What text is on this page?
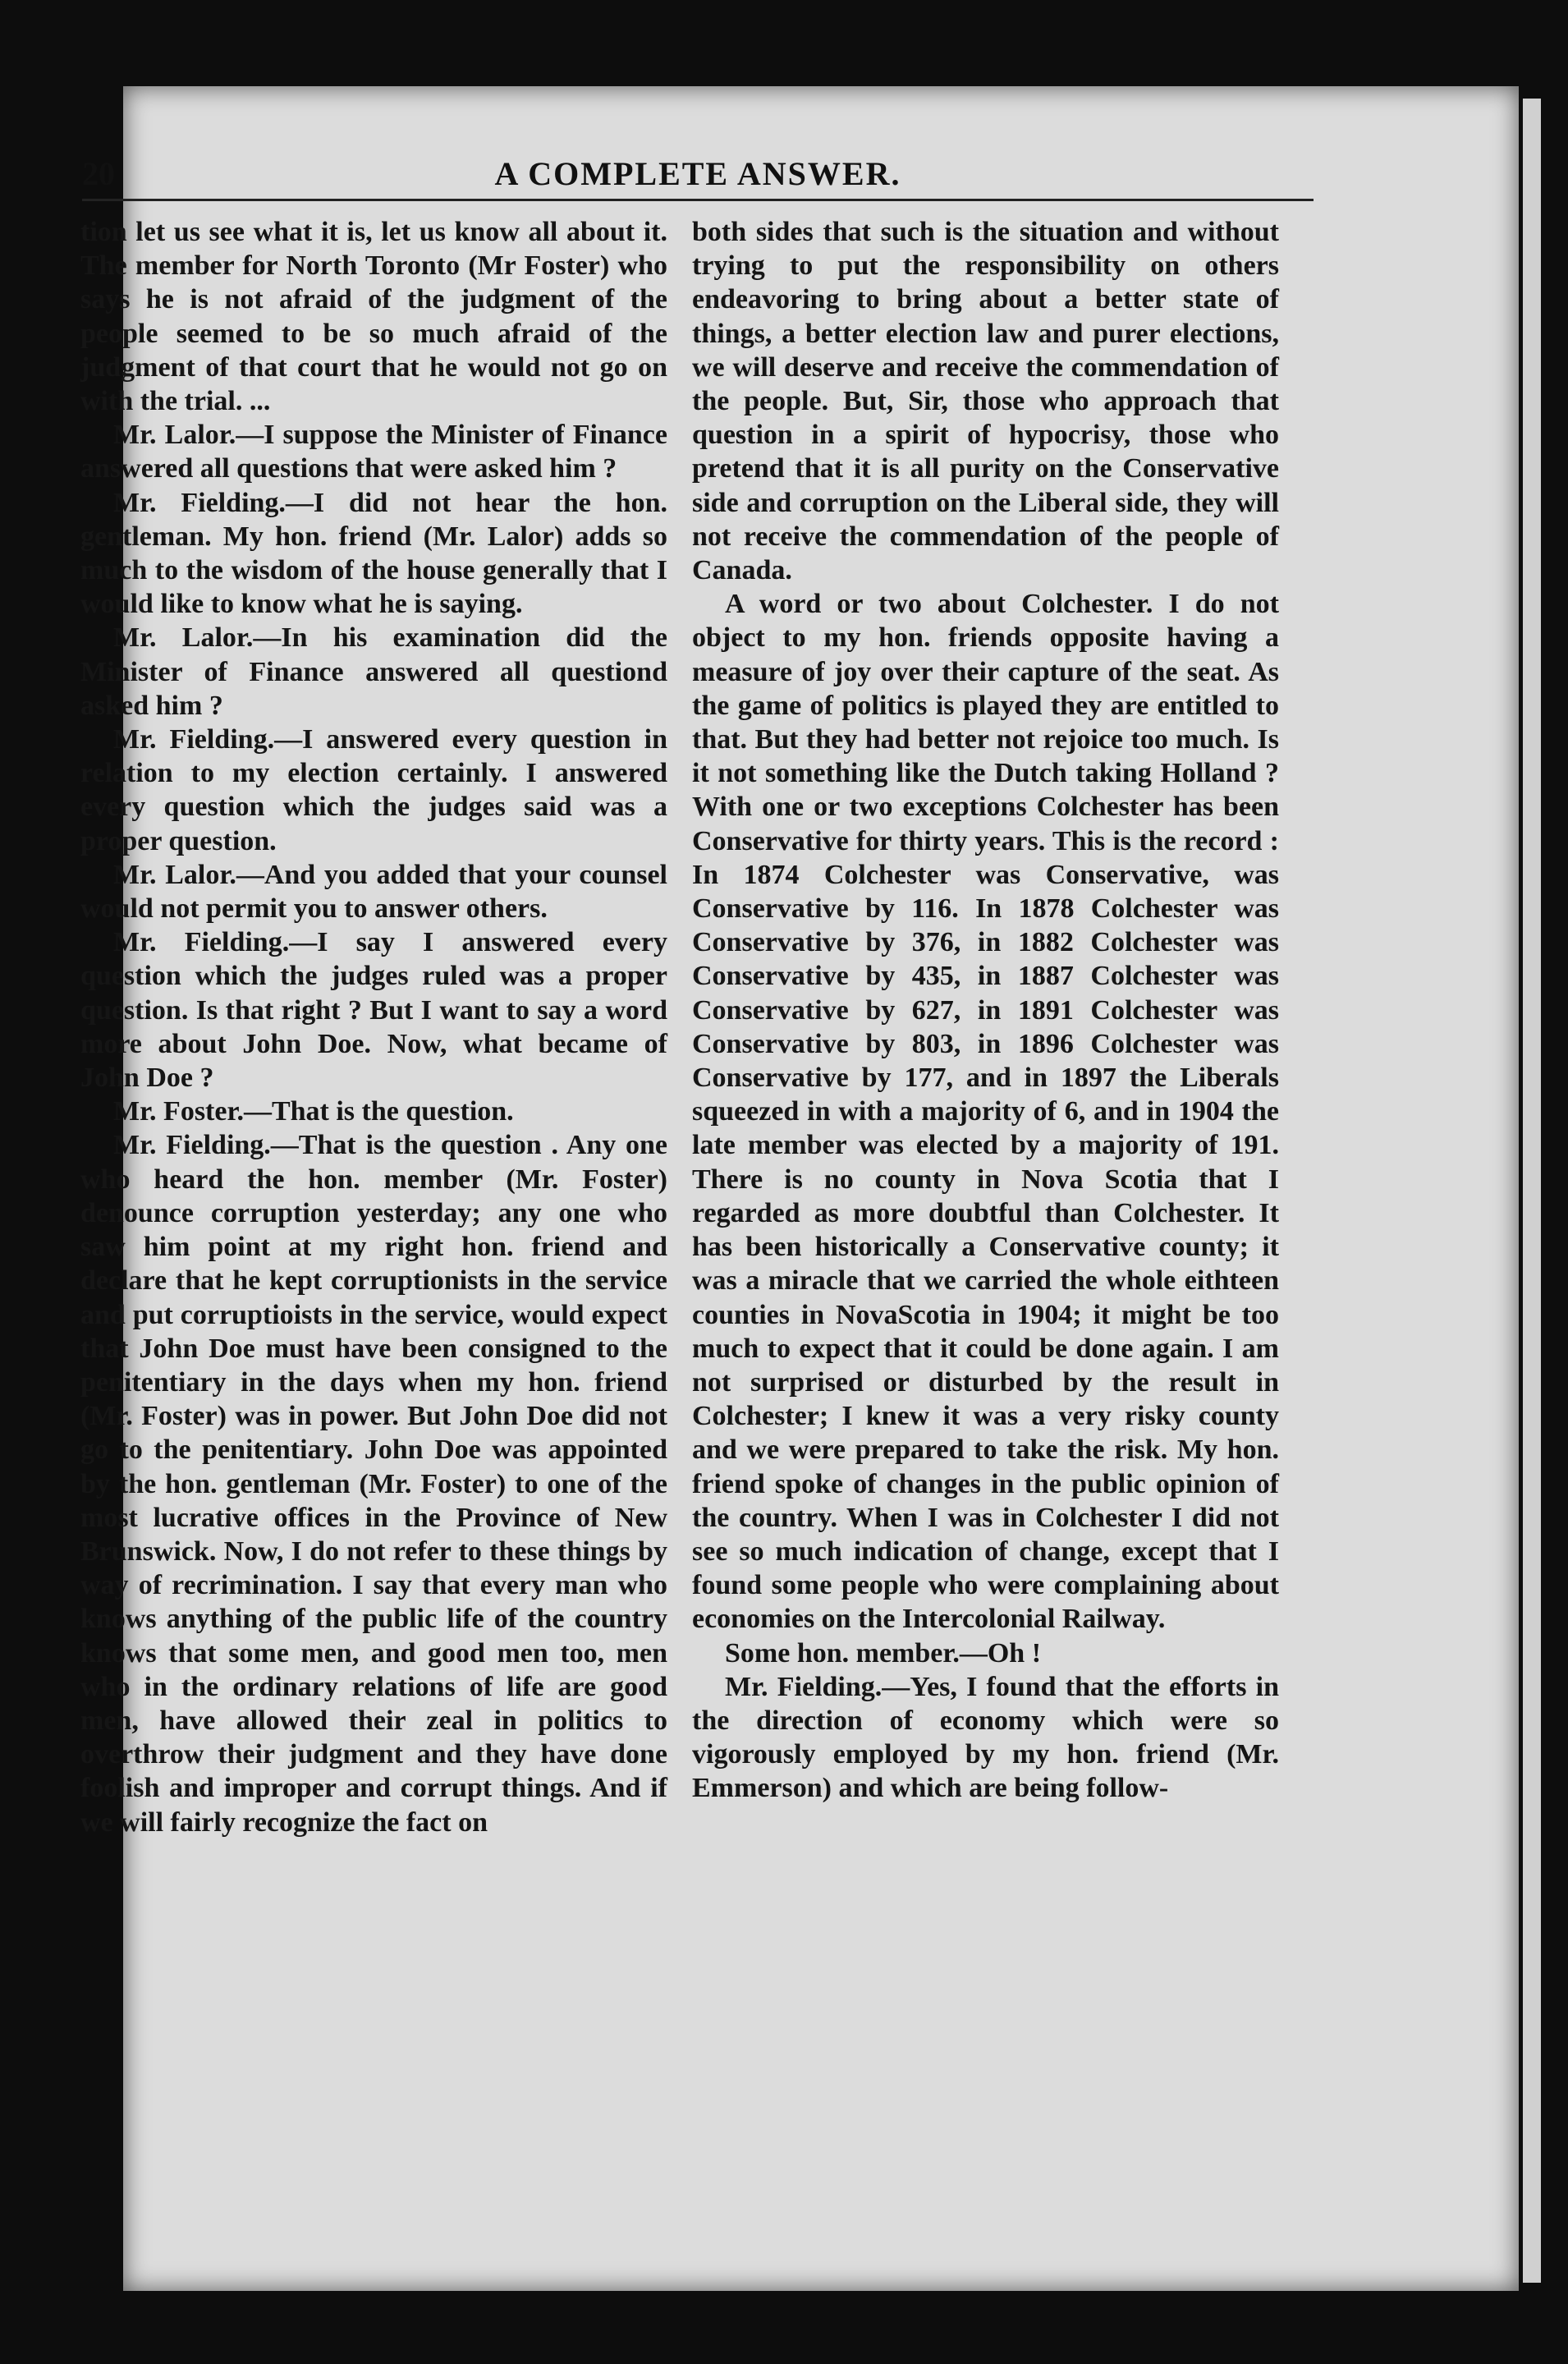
20	A COMPLETE ANSWER.

tion let us see what it is, let us know all about it. The member for North Toronto (Mr Foster) who says he is not afraid of the judgment of the people seemed to be so much afraid of the judgment of that court that he would not go on with the trial. ...

Mr. Lalor.—I suppose the Minister of Finance answered all questions that were asked him ?

Mr. Fielding.—I did not hear the hon. gentleman. My hon. friend (Mr. Lalor) adds so much to the wisdom of the house generally that I would like to know what he is saying.

Mr. Lalor.—In his examination did the Minister of Finance answered all questiond asked him ?

Mr. Fielding.—I answered every question in relation to my election certainly. I answered every question which the judges said was a proper question.

Mr. Lalor.—And you added that your counsel would not permit you to answer others.

Mr. Fielding.—I say I answered every question which the judges ruled was a proper question. Is that right ? But I want to say a word more about John Doe. Now, what became of John Doe ?

Mr. Foster.—That is the question.

Mr. Fielding.—That is the question . Any one who heard the hon. member (Mr. Foster) denounce corruption yesterday; any one who saw him point at my right hon. friend and declare that he kept corruptionists in the service and put corruptioists in the service, would expect that John Doe must have been consigned to the penitentiary in the days when my hon. friend (Mr. Foster) was in power. But John Doe did not go to the penitentiary. John Doe was appointed by the hon. gentleman (Mr. Foster) to one of the most lucrative offices in the Province of New Brunswick. Now, I do not refer to these things by way of recrimination. I say that every man who knows anything of the public life of the country knows that some men, and good men too, men who in the ordinary relations of life are good men, have allowed their zeal in politics to overthrow their judgment and they have done foolish and improper and corrupt things. And if we will fairly recognize the fact on

both sides that such is the situation and without trying to put the responsibility on others endeavoring to bring about a better state of things, a better election law and purer elections, we will deserve and receive the commendation of the people. But, Sir, those who approach that question in a spirit of hypocrisy, those who pretend that it is all purity on the Conservative side and corruption on the Liberal side, they will not receive the commendation of the people of Canada.

A word or two about Colchester. I do not object to my hon. friends opposite having a measure of joy over their capture of the seat. As the game of politics is played they are entitled to that. But they had better not rejoice too much. Is it not something like the Dutch taking Holland ? With one or two exceptions Colchester has been Conservative for thirty years. This is the record : In 1874 Colchester was Conservative, was Conservative by 116. In 1878 Colchester was Conservative by 376, in 1882 Colchester was Conservative by 435, in 1887 Colchester was Conservative by 627, in 1891 Colchester was Conservative by 803, in 1896 Colchester was Conservative by 177, and in 1897 the Liberals squeezed in with a majority of 6, and in 1904 the late member was elected by a majority of 191. There is no county in Nova Scotia that I regarded as more doubtful than Colchester. It has been historically a Conservative county; it was a miracle that we carried the whole eithteen counties in NovaScotia in 1904; it might be too much to expect that it could be done again. I am not surprised or disturbed by the result in Colchester; I knew it was a very risky county and we were prepared to take the risk. My hon. friend spoke of changes in the public opinion of the country. When I was in Colchester I did not see so much indication of change, except that I found some people who were complaining about economies on the Intercolonial Railway.

Some hon. member.—Oh !

Mr. Fielding.—Yes, I found that the efforts in the direction of economy which were so vigorously employed by my hon. friend (Mr. Emmerson) and which are being follow-
